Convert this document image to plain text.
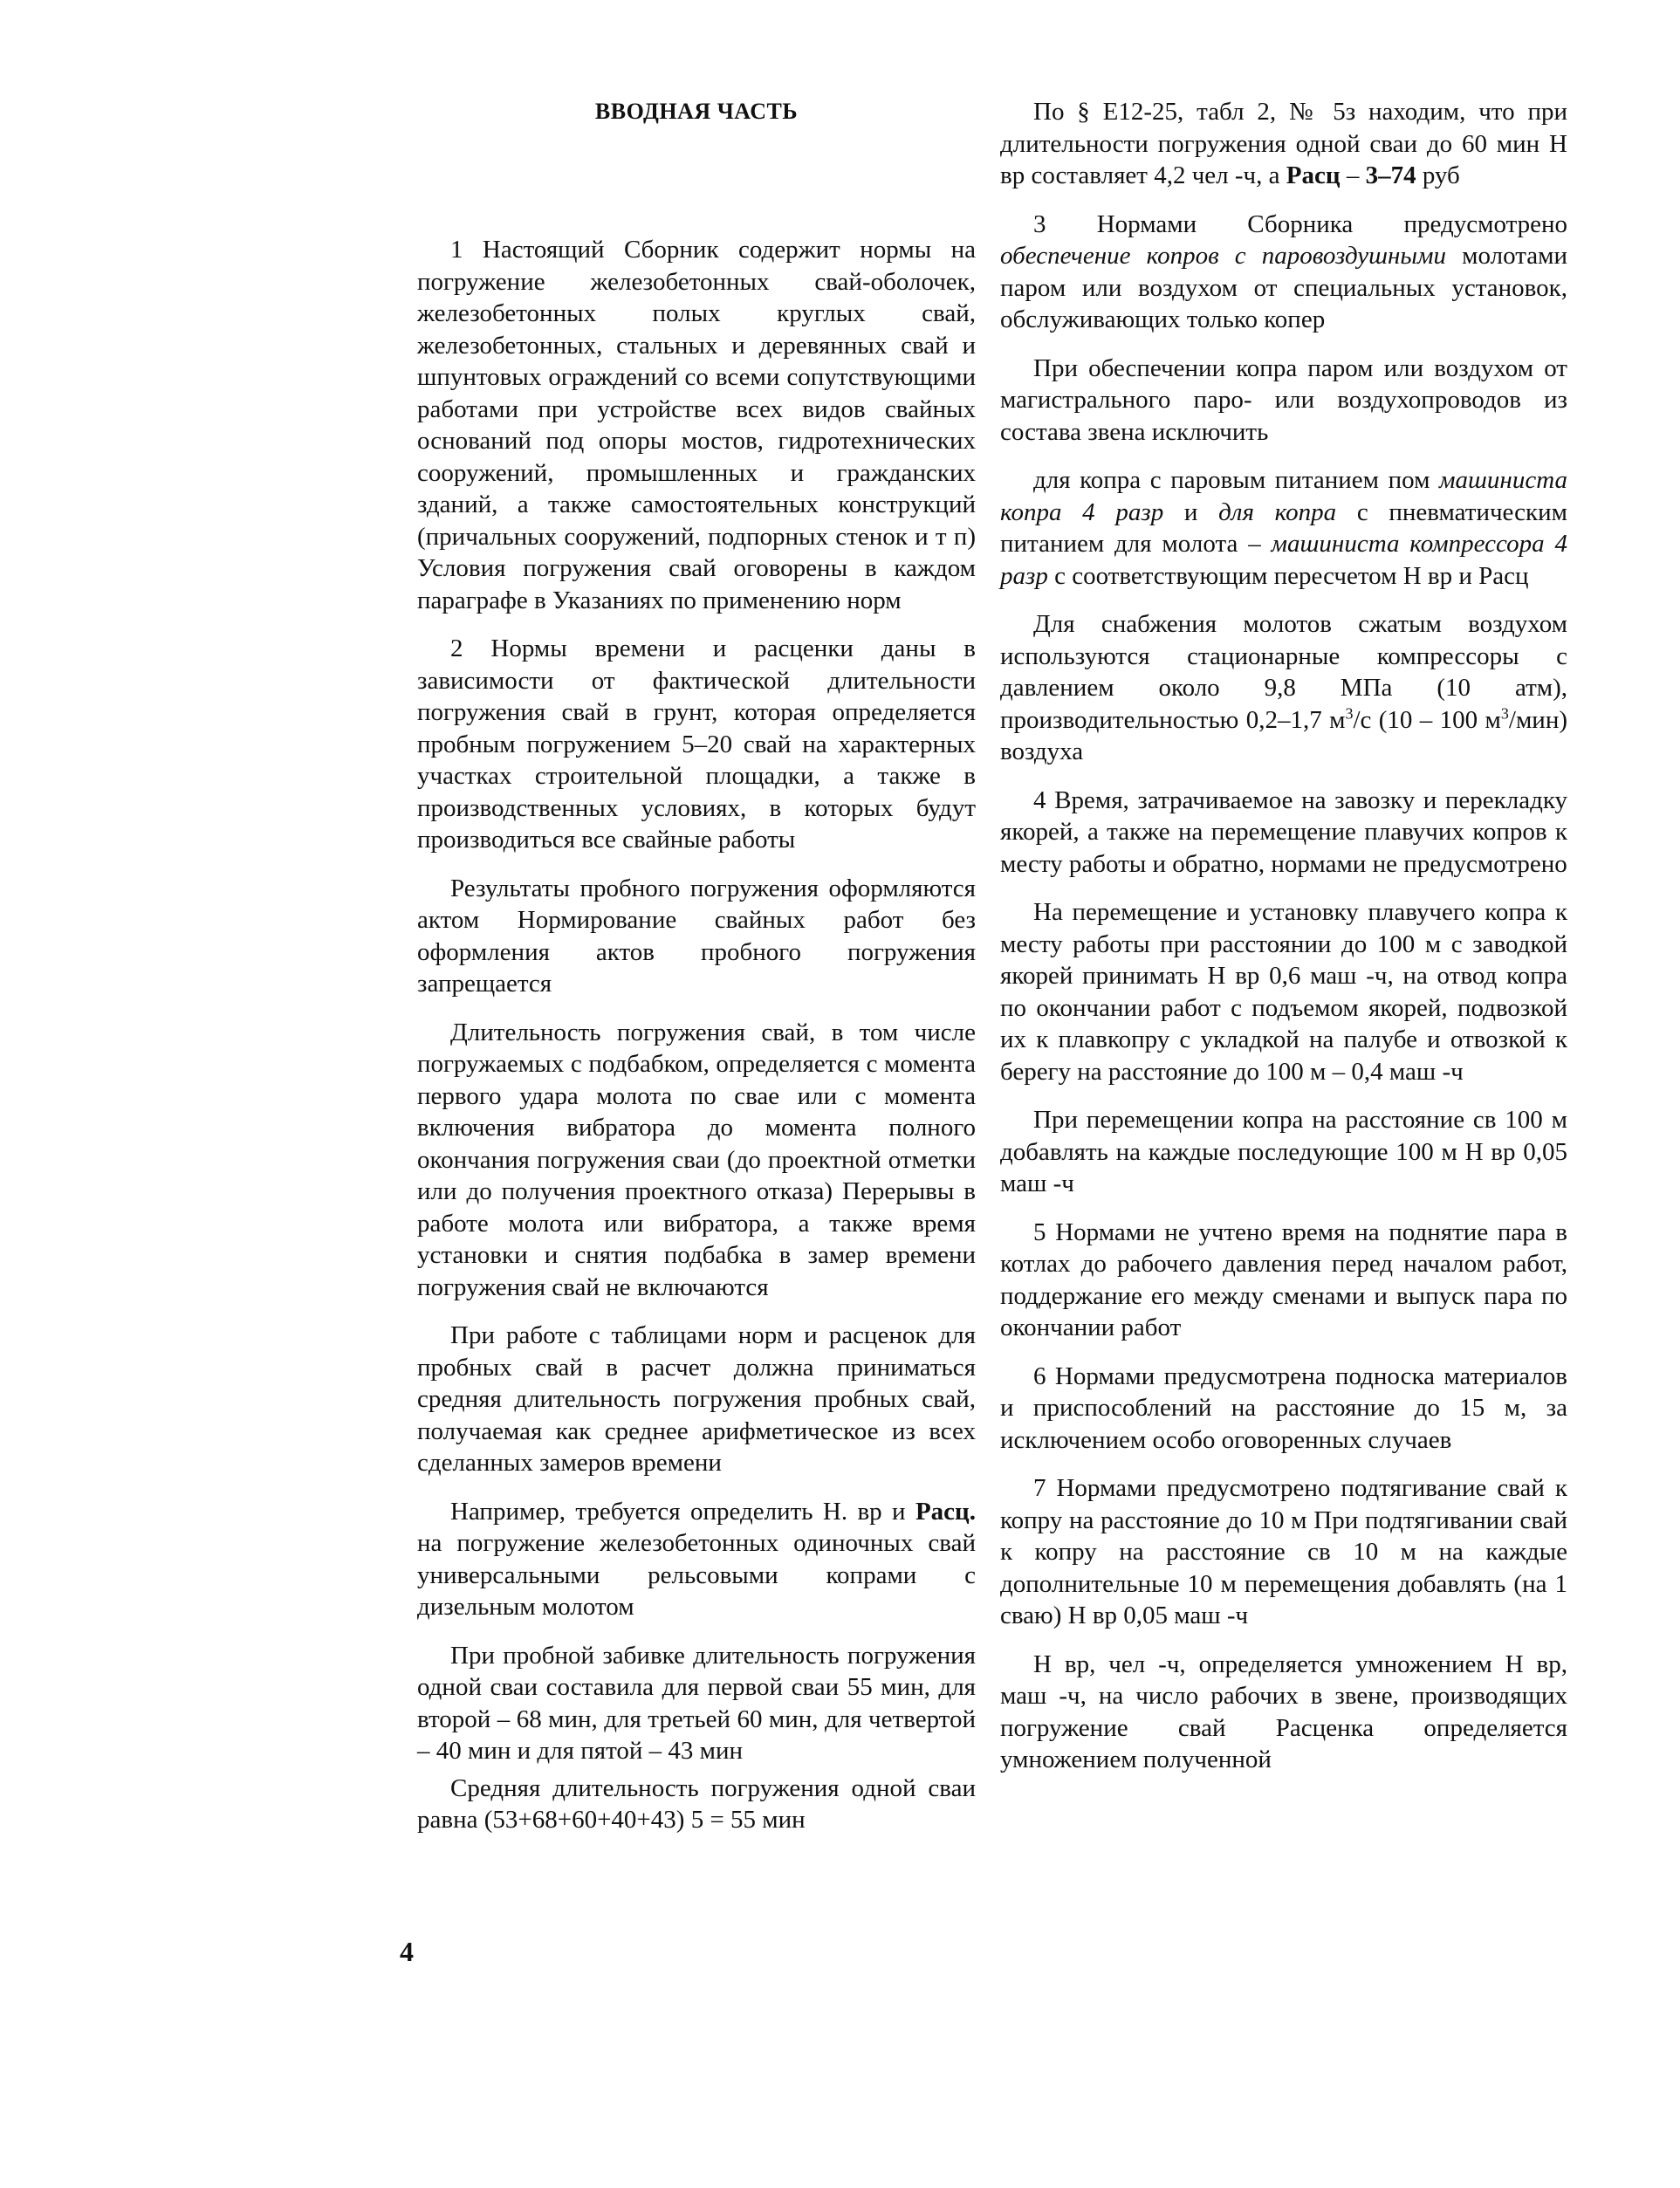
ВВОДНАЯ ЧАСТЬ

1 Настоящий Сборник содержит нормы на погружение железобетонных свай-оболочек, железобетонных полых круглых свай, железобетонных, стальных и деревянных свай и шпунтовых ограждений со всеми сопутствующими работами при устройстве всех видов свайных оснований под опоры мостов, гидротехнических сооружений, промышленных и гражданских зданий, а также самостоятельных конструкций (причальных сооружений, подпорных стенок и т п) Условия погружения свай оговорены в каждом параграфе в Указаниях по применению норм

2 Нормы времени и расценки даны в зависимости от фактической длительности погружения свай в грунт, которая определяется пробным погружением 5–20 свай на характерных участках строительной площадки, а также в производственных условиях, в которых будут производиться все свайные работы

Результаты пробного погружения оформляются актом Нормирование свайных работ без оформления актов пробного погружения запрещается

Длительность погружения свай, в том числе погружаемых с подбабком, определяется с момента первого удара молота по свае или с момента включения вибратора до момента полного окончания погружения сваи (до проектной отметки или до получения проектного отказа) Перерывы в работе молота или вибратора, а также время установки и снятия подбабка в замер времени погружения свай не включаются

При работе с таблицами норм и расценок для пробных свай в расчет должна приниматься средняя длительность погружения пробных свай, получаемая как среднее арифметическое из всех сделанных замеров времени

Например, требуется определить Н. вр и Расц. на погружение железобетонных одиночных свай универсальными рельсовыми копрами с дизельным молотом

При пробной забивке длительность погружения одной сваи составила для первой сваи 55 мин, для второй – 68 мин, для третьей 60 мин, для четвертой – 40 мин и для пятой – 43 мин

Средняя длительность погружения одной сваи равна (53+68+60+40+43) 5 = 55 мин

По § Е12-25, табл 2, № 5з находим, что при длительности погружения одной сваи до 60 мин Н вр составляет 4,2 чел -ч, а Расц – 3–74 руб

3 Нормами Сборника предусмотрено обеспечение копров с паровоздушными молотами паром или воздухом от специальных установок, обслуживающих только копер

При обеспечении копра паром или воздухом от магистрального паро- или воздухопроводов из состава звена исключить

для копра с паровым питанием пом машиниста копра 4 разр и для копра с пневматическим питанием для молота – машиниста компрессора 4 разр с соответствующим пересчетом Н вр и Расц

Для снабжения молотов сжатым воздухом используются стационарные компрессоры с давлением около 9,8 МПа (10 атм), производительностью 0,2–1,7 $м^3/с$ (10 – 100 $м^3/мин$) воздуха

4 Время, затрачиваемое на завозку и перекладку якорей, а также на перемещение плавучих копров к месту работы и обратно, нормами не предусмотрено

На перемещение и установку плавучего копра к месту работы при расстоянии до 100 м с заводкой якорей принимать Н вр 0,6 маш -ч, на отвод копра по окончании работ с подъемом якорей, подвозкой их к плавкопру с укладкой на палубе и отвозкой к берегу на расстояние до 100 м – 0,4 маш -ч

При перемещении копра на расстояние св 100 м добавлять на каждые последующие 100 м Н вр 0,05 маш -ч

5 Нормами не учтено время на поднятие пара в котлах до рабочего давления перед началом работ, поддержание его между сменами и выпуск пара по окончании работ

6 Нормами предусмотрена подноска материалов и приспособлений на расстояние до 15 м, за исключением особо оговоренных случаев

7 Нормами предусмотрено подтягивание свай к копру на расстояние до 10 м При подтягивании свай к копру на расстояние св 10 м на каждые дополнительные 10 м перемещения добавлять (на 1 сваю) Н вр 0,05 маш -ч

Н вр, чел -ч, определяется умножением Н вр, маш -ч, на число рабочих в звене, производящих погружение свай Расценка определяется умножением полученной

4
